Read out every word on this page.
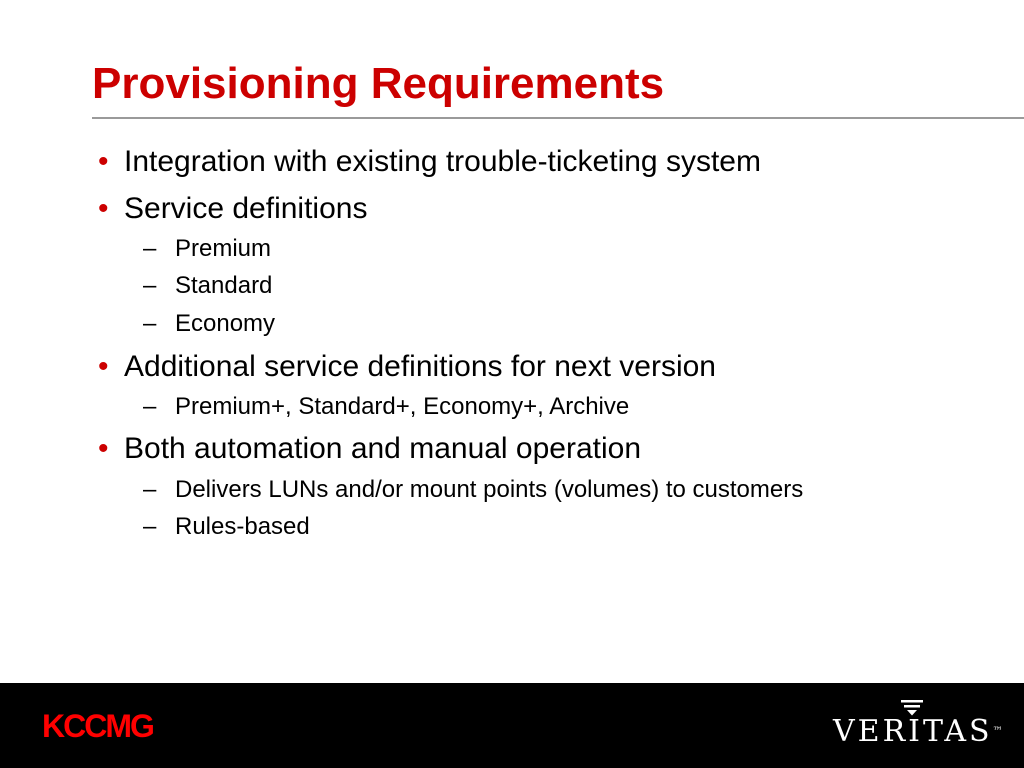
Provisioning Requirements
• Integration with existing trouble-ticketing system
• Service definitions
– Premium
– Standard
– Economy
• Additional service definitions for next version
– Premium+, Standard+, Economy+, Archive
• Both automation and manual operation
– Delivers LUNs and/or mount points (volumes) to customers
– Rules-based
KCCMG	VERITAS™
